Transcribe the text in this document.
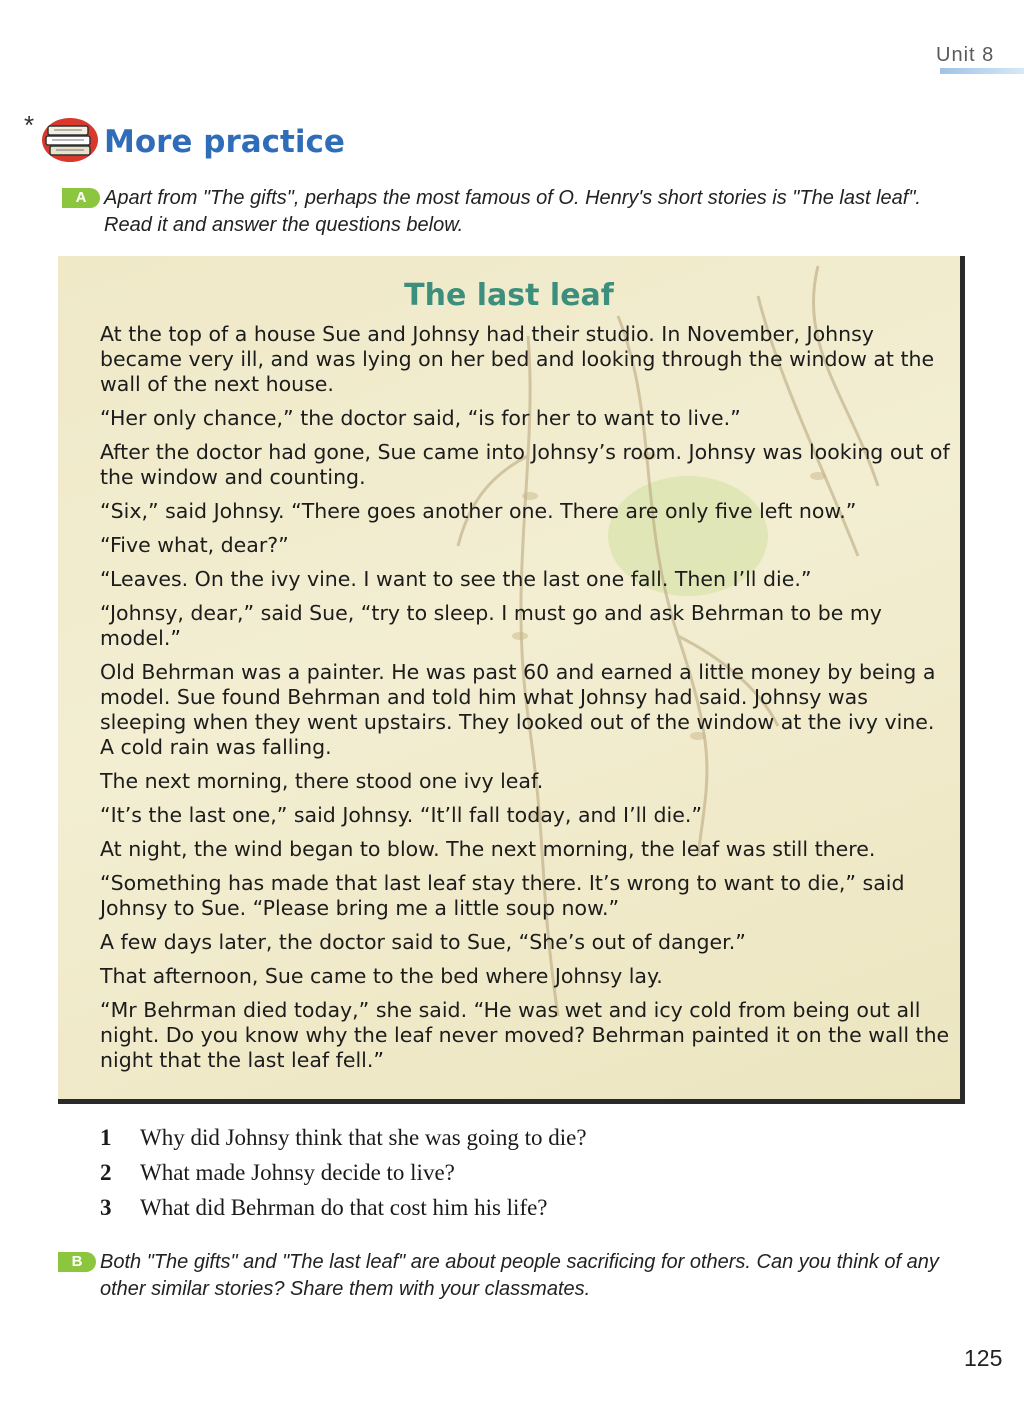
Unit 8
* More practice
A Apart from "The gifts", perhaps the most famous of O. Henry's short stories is "The last leaf". Read it and answer the questions below.
The last leaf

At the top of a house Sue and Johnsy had their studio. In November, Johnsy became very ill, and was lying on her bed and looking through the window at the wall of the next house.

“Her only chance,” the doctor said, “is for her to want to live.”

After the doctor had gone, Sue came into Johnsy’s room. Johnsy was looking out of the window and counting.

“Six,” said Johnsy. “There goes another one. There are only five left now.”

“Five what, dear?”

“Leaves. On the ivy vine. I want to see the last one fall. Then I’ll die.”

“Johnsy, dear,” said Sue, “try to sleep. I must go and ask Behrman to be my model.”

Old Behrman was a painter. He was past 60 and earned a little money by being a model. Sue found Behrman and told him what Johnsy had said. Johnsy was sleeping when they went upstairs. They looked out of the window at the ivy vine. A cold rain was falling.

The next morning, there stood one ivy leaf.

“It’s the last one,” said Johnsy. “It’ll fall today, and I’ll die.”

At night, the wind began to blow. The next morning, the leaf was still there.

“Something has made that last leaf stay there. It’s wrong to want to die,” said Johnsy to Sue. “Please bring me a little soup now.”

A few days later, the doctor said to Sue, “She’s out of danger.”

That afternoon, Sue came to the bed where Johnsy lay.

“Mr Behrman died today,” she said. “He was wet and icy cold from being out all night. Do you know why the leaf never moved? Behrman painted it on the wall the night that the last leaf fell.”

1 Why did Johnsy think that she was going to die?
2 What made Johnsy decide to live?
3 What did Behrman do that cost him his life?
B Both "The gifts" and "The last leaf" are about people sacrificing for others. Can you think of any other similar stories? Share them with your classmates.
125
